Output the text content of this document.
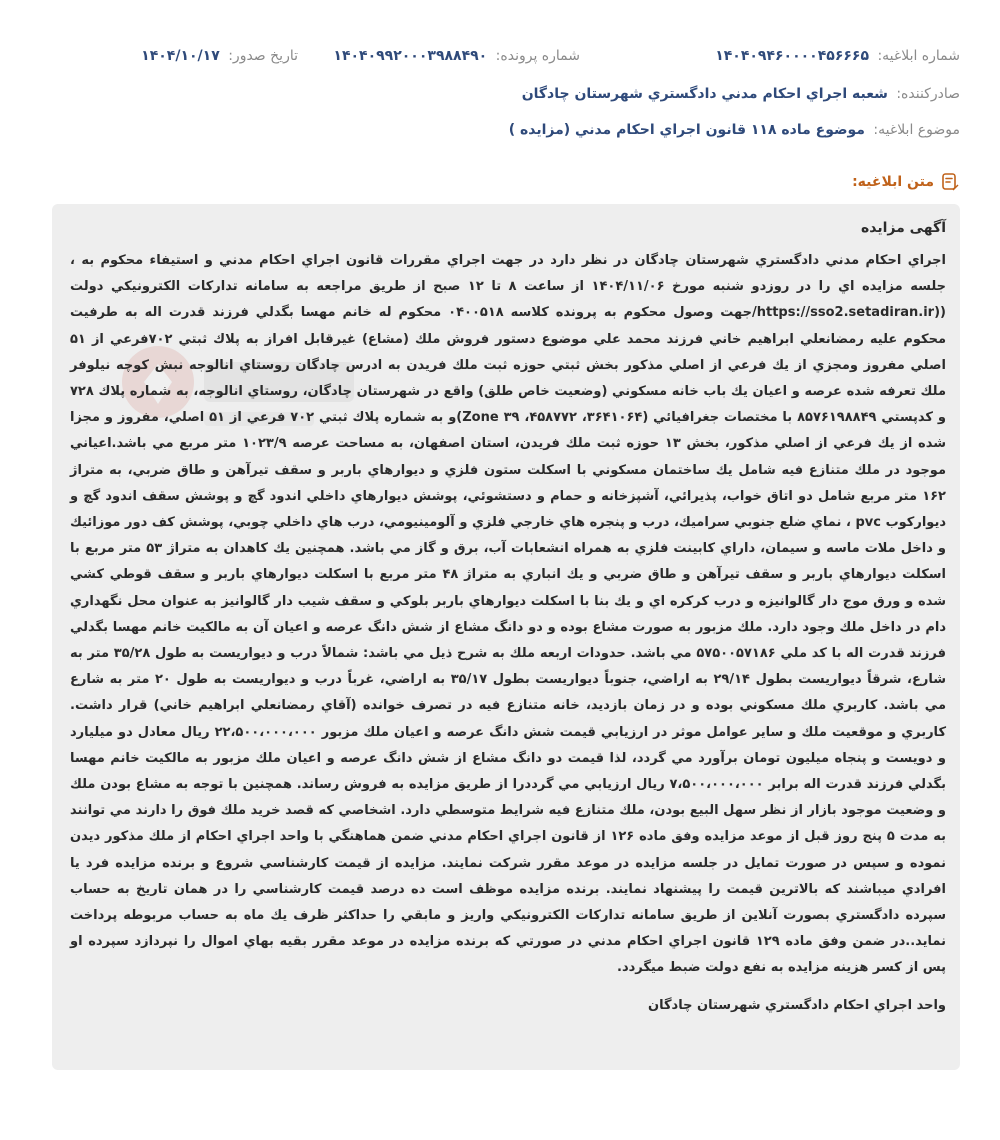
شماره ابلاغیه: ۱۴۰۴۰۹۴۶۰۰۰۰۴۵۶۶۶۵
شماره پرونده: ۱۴۰۴۰۹۹۲۰۰۰۳۹۸۸۴۹۰
تاریخ صدور: ۱۴۰۴/۱۰/۱۷
صادرکننده: شعبه اجراي احكام مدني دادگستري شهرستان چادگان
موضوع ابلاغيه: موضوع ماده ۱۱۸ قانون اجراي احكام مدني (مزايده )
متن ابلاغیه:
آگهی مزایده

اجراي احكام مدني دادگستري شهرستان چادگان در نظر دارد در جهت اجراي مقررات قانون اجراي احكام مدني و استيفاء محكوم به ، جلسه مزايده اي را در روزدو شنبه مورخ ۱۴۰۴/۱۱/۰۶ از ساعت ۸ تا ۱۲ صبح از طريق مراجعه به سامانه تداركات الكترونيكي دولت ((https://sso2.setadiran.ir/جهت وصول محكوم به پرونده كلاسه ۰۴۰۰۵۱۸ محكوم له خانم مهسا بگدلي فرزند قدرت اله به طرفيت محكوم عليه رمضانعلي ابراهيم خاني فرزند محمد علي موضوع دستور فروش ملك (مشاع) غيرقابل افراز به پلاك ثبتي ۷۰۲فرعي از ۵۱ اصلي مفروز ومجزي از يك فرعي از اصلي مذكور بخش ثبتي حوزه ثبت ملك فريدن به ادرس چادگان روستاي انالوجه نبش كوچه نيلوفر ملك تعرفه شده عرصه و اعيان يك باب خانه مسكوني (وضعيت خاص طلق) واقع در شهرستان چادگان، روستاي انالوجه، به شماره پلاك ۷۲۸ و كدپستي ۸۵۷۶۱۹۸۸۴۹ با مختصات جغرافيائي (۳۶۴۱۰۶۴، ۴۵۸۷۷۲، ۳۹ Zone)و به شماره پلاك ثبتي ۷۰۲ فرعي از ۵۱ اصلي، مفروز و مجزا شده از يك فرعي از اصلي مذكور، بخش ۱۳ حوزه ثبت ملك فريدن، استان اصفهان، به مساحت عرصه ۱۰۲۳/۹ متر مربع مي باشد.اعياني موجود در ملك متنازع فيه شامل يك ساختمان مسكوني با اسكلت ستون فلزي و ديوارهاي باربر و سقف تيرآهن و طاق ضربي، به متراژ ۱۶۲ متر مربع شامل دو اتاق خواب، پذيرائي، آشپزخانه و حمام و دستشوئي، پوشش ديوارهاي داخلي اندود گچ و پوشش سقف اندود گچ و ديواركوب pvc ، نماي ضلع جنوبي سراميك، درب و پنجره هاي خارجي فلزي و آلومينيومي، درب هاي داخلي چوبي، پوشش كف دور موزائيك و داخل ملات ماسه و سيمان، داراي كابينت فلزي به همراه انشعابات آب، برق و گاز مي باشد. همچنين يك كاهدان به متراژ ۵۳ متر مربع با اسكلت ديوارهاي باربر و سقف تيرآهن و طاق ضربي و يك انباري به متراژ ۴۸ متر مربع با اسكلت ديوارهاي باربر و سقف قوطي كشي شده و ورق موج دار گالوانيزه و درب كركره اي و يك بنا با اسكلت ديوارهاي باربر بلوكي و سقف شيب دار گالوانيز به عنوان محل نگهداري دام در داخل ملك وجود دارد. ملك مزبور به صورت مشاع بوده و دو دانگ مشاع از شش دانگ عرصه و اعيان آن به مالكيت خانم مهسا بگدلي فرزند قدرت اله با كد ملي ۵۷۵۰۰۵۷۱۸۶ مي باشد. حدودات اربعه ملك به شرح ذيل مي باشد: شمالاً درب و ديواريست به طول ۳۵/۲۸ متر به شارع، شرقاً ديواريست بطول ۲۹/۱۴ به اراضي، جنوباً ديواريست بطول ۳۵/۱۷ به اراضي، غرباً درب و ديواريست به طول ۲۰ متر به شارع مي باشد. كاربري ملك مسكوني بوده و در زمان بازديد، خانه متنازع فيه در تصرف خوانده (آقاي رمضانعلي ابراهيم خاني) قرار داشت. كاربري و موقعيت ملك و ساير عوامل موثر در ارزيابي قيمت شش دانگ عرصه و اعيان ملك مزبور ۲۲،۵۰۰،۰۰۰،۰۰۰ ريال معادل دو ميليارد و دويست و پنجاه ميليون تومان برآورد مي گردد، لذا قيمت دو دانگ مشاع از شش دانگ عرصه و اعيان ملك مزبور به مالكيت خانم مهسا بگدلي فرزند قدرت اله برابر ۷،۵۰۰،۰۰۰،۰۰۰ ريال ارزيابي مي گرددرا از طريق مزايده به فروش رساند. همچنين با توجه به مشاع بودن ملك و وضعيت موجود بازار از نظر سهل البيع بودن، ملك متنازع فيه شرايط متوسطي دارد. اشخاصي كه قصد خريد ملك فوق را دارند مي توانند به مدت ۵ پنج روز قبل از موعد مزايده وفق ماده ۱۲۶ از قانون اجراي احكام مدني ضمن هماهنگي با واحد اجراي احكام از ملك مذكور ديدن نموده و سپس در صورت تمايل در جلسه مزايده در موعد مقرر شركت نمايند. مزايده از قيمت كارشناسي شروع و برنده مزايده فرد يا افرادي ميباشند كه بالاترين قيمت را پيشنهاد نمايند. برنده مزايده موظف است ده درصد قيمت كارشناسي را در همان تاريخ به حساب سپرده دادگستري بصورت آنلاين از طريق سامانه تداركات الكترونيكي واريز و مابقي را حداكثر ظرف يك ماه به حساب مربوطه پرداخت نمايد..در ضمن وفق ماده ۱۲۹ قانون اجراي احكام مدني در صورتي كه برنده مزايده در موعد مقرر بقيه بهاي اموال را نپردازد سپرده او پس از كسر هزينه مزايده به نفع دولت ضبط ميگردد.

واحد اجراي احكام دادگستري شهرستان چادگان
